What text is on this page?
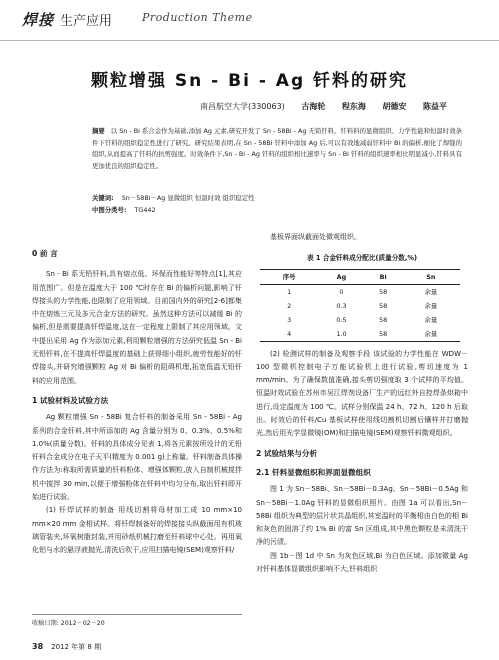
焊接 生产应用	Production Theme
颗粒增强 Sn - Bi - Ag 钎料的研究
南昌航空大学(330063) 古海轮 程东海 胡德安 陈益平
摘要 以 Sn - Bi 系合金作为基础,添加 Ag 元素,研究开发了 Sn - 58Bi - Ag 无铅钎料。钎料料的显微组织、力学性能和恒温时效条件下钎料的组织稳定性进行了研究。研究结果表明,在 Sn - 58Bi 钎料中添加 Ag 后,可以有效地减弱钎料中 Bi 的偏析,细化了焊缝的组织,从而提高了钎料的抗剪强度。时效条件下,Sn - Bi - Ag 钎料的组织相比速率与 Sn - Bi 钎料的组织速率相比明显减小,钎料具有更加优良的组织稳定性。
关键词: Sn－58Bi－Ag 显微组织 恒温时效 组织稳定性
中图分类号: TG442
0 前 言

Sn - Bi 系无铅钎料,具有熔点低、环保而性能好等特点[1],其应用范围广。但是在温度大于 100 ℃时存在 Bi 的偏析问题,影响了钎焊接头的力学性能,也限制了应用领域。目前国内外的研究[2-6]都集中在熔炼三元及多元合金方法的研究。虽然这种方法可以减缓 Bi 的偏析,但是需要提高钎焊温度,这在一定程度上限制了其应用领域。文中提出采用 Ag 作为添加元素,利用颗粒增强的方法研究低温 Sn - Bi 无铅钎料,在不提高钎焊温度的基础上获得细小组织,疲劳性能好的钎焊接头,并研究增强颗粒 Ag 对 Bi 偏析的阻碍机理,拓宽低温无铅钎料的应用范围。

1 试验材料及试验方法

Ag 颗粒增强 Sn - 58Bi 复合钎料的制备采用 Sn - 58Bi - Ag 系列的合金钎料,其中所添加的 Ag 含量分别为 0、0.3%、0.5%和 1.0%(质量分数)。钎料的具体成分见表 1,将各元素按所设计的无铅钎料合金成分在电子天平(精度为 0.001 g)上称量。钎料制备具体操作方法为:称取所需质量的钎料粉体、增强体颗粒,放入自制机械搅拌机中搅拌 30 min,以便于增强粉体在钎料中均匀分布,取出钎料即开始进行试验。

(1) 钎焊试样的制备 用线切割将母材加工成 10 mm×10 mm×20 mm 金相试样。将钎焊制备好的焊接接头纵截面用有机玻璃管装夹,环氧树脂封装,并用砂纸机械打磨至钎料球中心处。再用氧化铝与水的悬浮液抛光,清洗后吹干,应用扫描电镜(SEM)观察钎料/

收稿日期: 2012－02－20
38 2012 年第 8 期

基板界面纵截面处微观组织。

表 1 合金钎料成分配比(质量分数,%)
序号	Ag	Bi	Sn
1	0	58	余量
2	0.3	58	余量
3	0.5	58	余量
4	1.0	58	余量

(2) 检测试样的制备及观察手段 该试验的力学性能在 WDW－100 型微机控制电子万能试验机上进行试验,剪切速度为 1 mm/min。为了确保数值准确,接头剪切强度取 3 个试样的平均值。恒温时效试验在苏州市吴江焊剂设备厂生产的远红外自控焊条烘箱中进行,设定温度为 100 ℃。试样分别保温 24 h、72 h、120 h 后取出。时效后的钎料/Cu 基板试样使用线切割机切割后镶样并打磨抛光,然后用光学显微镜(OM)和扫描电镜(SEM)观察钎料微观组织。

2 试验结果与分析
2.1 钎料显微组织和界面显微组织

图 1 为 Sn－58Bi、Sn－58Bi－0.3Ag、Sn－58Bi－0.5Ag 和 Sn－58Bi－1.0Ag 钎料的显微组织照片。由图 1a 可以看出,Sn－58Bi 组织为典型的层片状共晶组织,其室温时的平衡相由白色的相 Bi 和灰色的固溶了约 1% Bi 的富 Sn 区组成,其中黑色颗粒是未清洗干净的污渍。

图 1b－图 1d 中 Sn 为灰色区域,Bi 为白色区域。添加微量 Ag 对钎料基体显微组织影响不大,钎料组织
